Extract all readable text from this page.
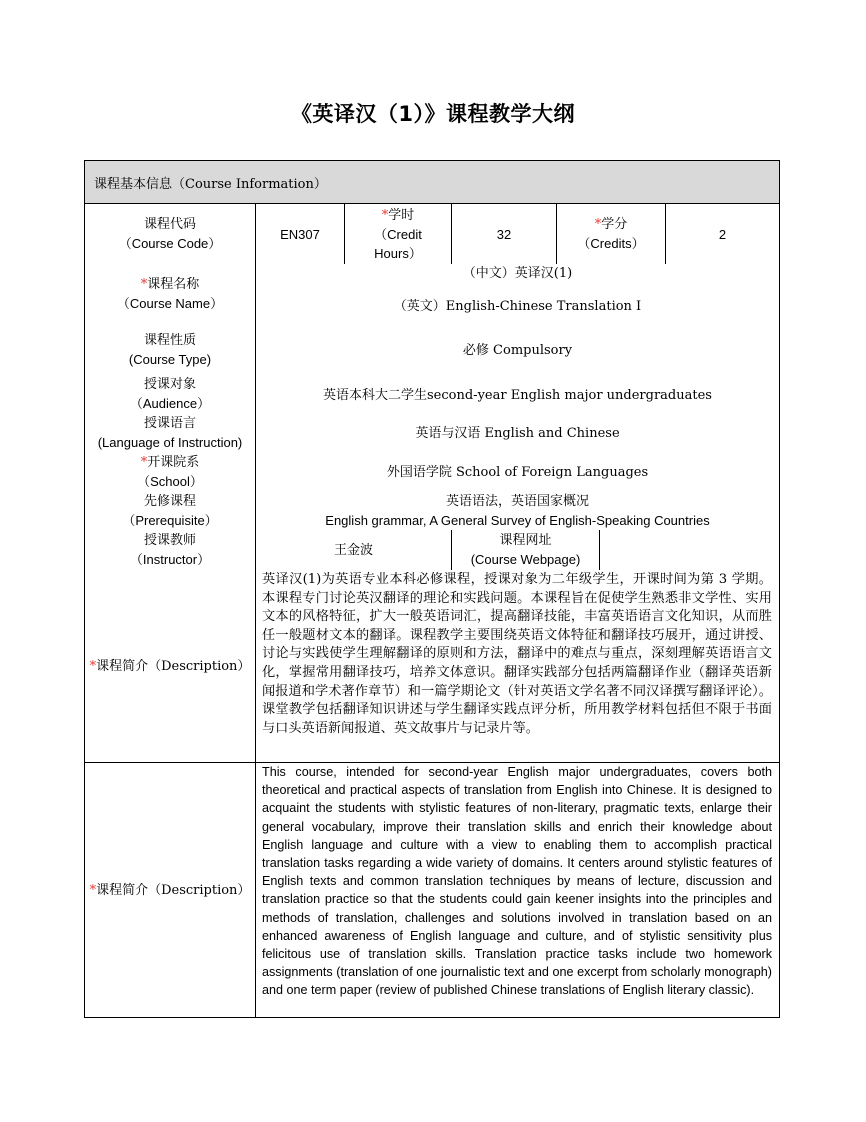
《英译汉（1）》课程教学大纲
课程基本信息（Course Information）
课程代码
（Course Code）
EN307
*学时
（Credit
Hours）
32
*学分
（Credits）
2
*课程名称
（Course Name）
（中文）英译汉(1)
（英文）English-Chinese Translation I
课程性质
(Course Type)
必修 Compulsory
授课对象
（Audience）
英语本科大二学生second-year English major undergraduates
授课语言
(Language of Instruction)
英语与汉语 English and Chinese
*开课院系
（School）
外国语学院 School of Foreign Languages
先修课程
（Prerequisite）
英语语法，英语国家概况
English grammar, A General Survey of English-Speaking Countries
授课教师
（Instructor）
王金波
课程网址
(Course Webpage)
*课程简介（Description）
英译汉(1)为英语专业本科必修课程，授课对象为二年级学生，开课时间为第 3 学期。本课程专门讨论英汉翻译的理论和实践问题。本课程旨在促使学生熟悉非文学性、实用文本的风格特征，扩大一般英语词汇，提高翻译技能，丰富英语语言文化知识，从而胜任一般题材文本的翻译。课程教学主要围绕英语文体特征和翻译技巧展开，通过讲授、讨论与实践使学生理解翻译的原则和方法，翻译中的难点与重点，深刻理解英语语言文化，掌握常用翻译技巧，培养文体意识。翻译实践部分包括两篇翻译作业（翻译英语新闻报道和学术著作章节）和一篇学期论文（针对英语文学名著不同汉译撰写翻译评论）。课堂教学包括翻译知识讲述与学生翻译实践点评分析，所用教学材料包括但不限于书面与口头英语新闻报道、英文故事片与记录片等。
*课程简介（Description）
This course, intended for second-year English major undergraduates, covers both theoretical and practical aspects of translation from English into Chinese. It is designed to acquaint the students with stylistic features of non-literary, pragmatic texts, enlarge their general vocabulary, improve their translation skills and enrich their knowledge about English language and culture with a view to enabling them to accomplish practical translation tasks regarding a wide variety of domains. It centers around stylistic features of English texts and common translation techniques by means of lecture, discussion and translation practice so that the students could gain keener insights into the principles and methods of translation, challenges and solutions involved in translation based on an enhanced awareness of English language and culture, and of stylistic sensitivity plus felicitous use of translation skills. Translation practice tasks include two homework assignments (translation of one journalistic text and one excerpt from scholarly monograph) and one term paper (review of published Chinese translations of English literary classic).
